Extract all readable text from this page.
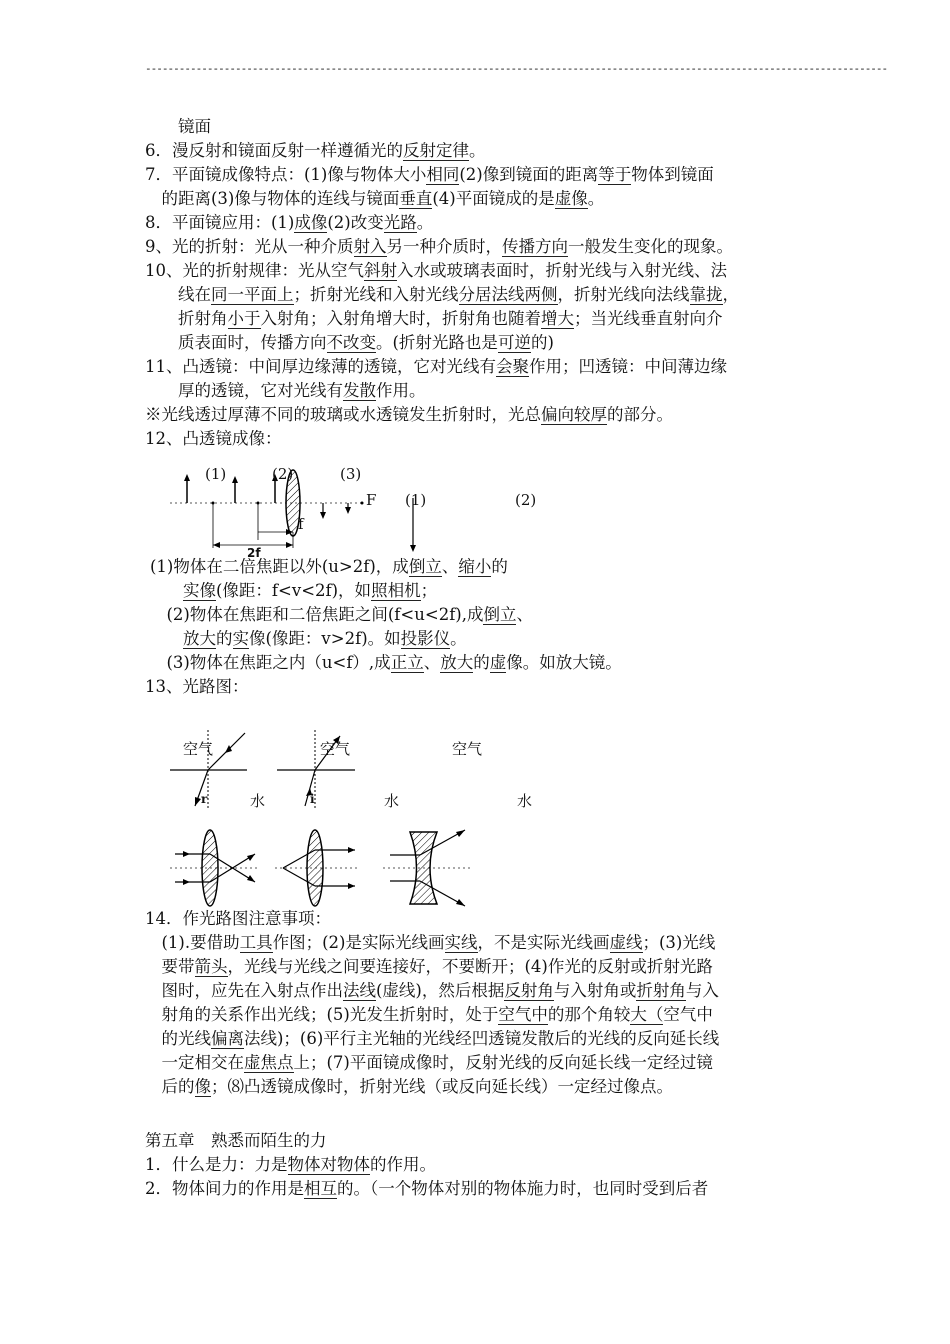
------------------------------------------------------------------------------------------------------------------------------------
　　镜面
6．漫反射和镜面反射一样遵循光的反射定律。
7．平面镜成像特点：(1)像与物体大小相同(2)像到镜面的距离等于物体到镜面
　的距离(3)像与物体的连线与镜面垂直(4)平面镜成的是虚像。
8．平面镜应用：(1)成像(2)改变光路。
9、光的折射：光从一种介质射入另一种介质时，传播方向一般发生变化的现象。
10、光的折射规律：光从空气斜射入水或玻璃表面时，折射光线与入射光线、法
　　线在同一平面上；折射光线和入射光线分居法线两侧，折射光线向法线靠拢，
　　折射角小于入射角；入射角增大时，折射角也随着增大；当光线垂直射向介
　　质表面时，传播方向不改变。(折射光路也是可逆的)
11、凸透镜：中间厚边缘薄的透镜，它对光线有会聚作用；凹透镜：中间薄边缘
　　厚的透镜，它对光线有发散作用。
※光线透过厚薄不同的玻璃或水透镜发生折射时，光总偏向较厚的部分。
12、凸透镜成像：
(1)物体在二倍焦距以外(u>2f)，成倒立、缩小的
　　实像(像距：f<v<2f)，如照相机；
　(2)物体在焦距和二倍焦距之间(f<u<2f),成倒立、
　　放大的实像(像距：v>2f)。如投影仪。
　(3)物体在焦距之内（u<f）,成正立、放大的虚像。如放大镜。
13、光路图：
14．作光路图注意事项：
　(1).要借助工具作图；(2)是实际光线画实线，不是实际光线画虚线；(3)光线
　要带箭头，光线与光线之间要连接好，不要断开；(4)作光的反射或折射光路
　图时，应先在入射点作出法线(虚线)，然后根据反射角与入射角或折射角与入
　射角的关系作出光线；(5)光发生折射时，处于空气中的那个角较大（空气中
　的光线偏离法线)；(6)平行主光轴的光线经凹透镜发散后的光线的反向延长线
　一定相交在虚焦点上；(7)平面镜成像时，反射光线的反向延长线一定经过镜
　后的像；⑻凸透镜成像时，折射光线（或反向延长线）一定经过像点。
第五章　熟悉而陌生的力
1．什么是力：力是物体对物体的作用。
2．物体间力的作用是相互的。（一个物体对别的物体施力时，也同时受到后者
(1)	(2)	(3)
F
f
2f
(1)	(2)
空气	空气	空气
水	水	水
r	i
